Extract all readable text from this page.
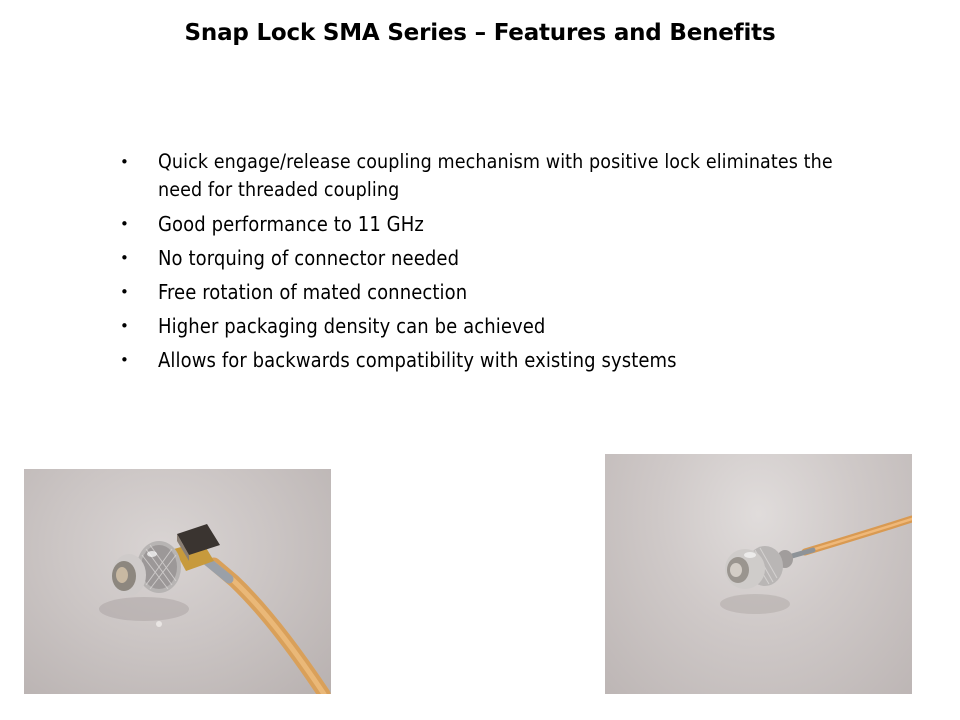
Snap Lock SMA Series – Features and Benefits
• Quick engage/release coupling mechanism with positive lock eliminates the need for threaded coupling
• Good performance to 11 GHz
• No torquing of connector needed
• Free rotation of mated connection
• Higher packaging density can be achieved
• Allows for backwards compatibility with existing systems
